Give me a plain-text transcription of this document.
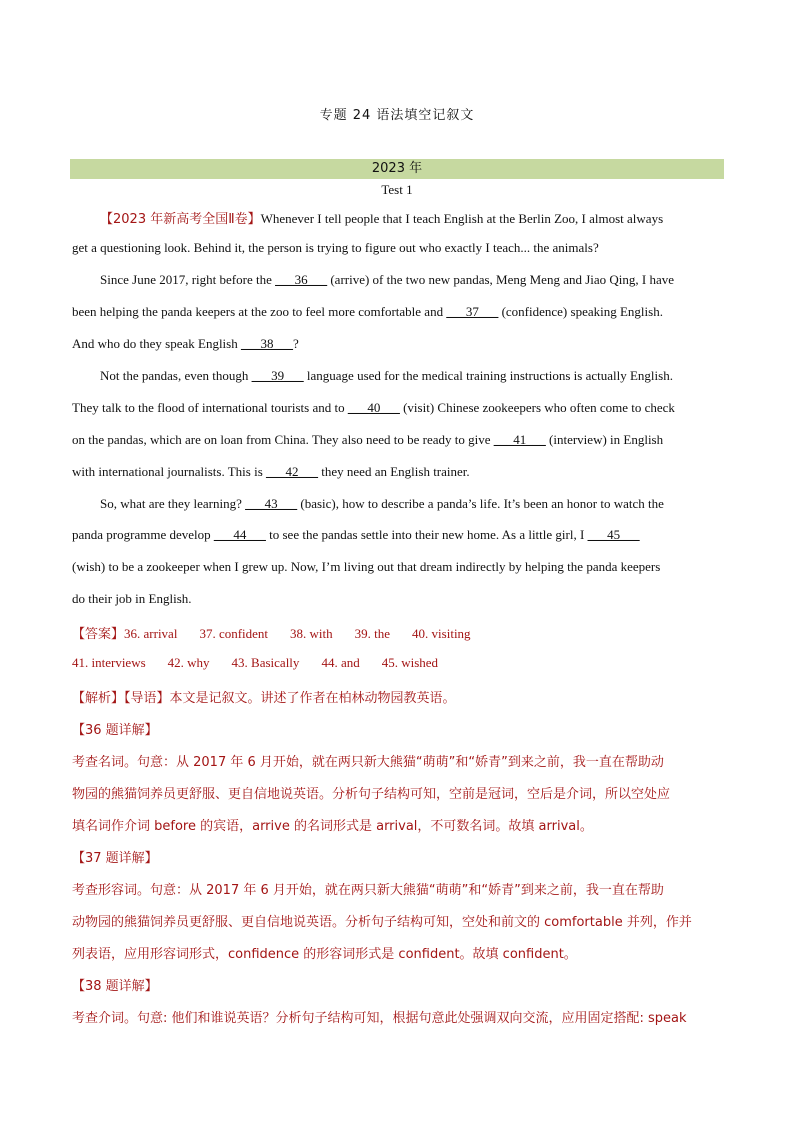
专题 24 语法填空记叙文
2023 年
Test 1
【2023 年新高考全国Ⅱ卷】Whenever I tell people that I teach English at the Berlin Zoo, I almost always
get a questioning look. Behind it, the person is trying to figure out who exactly I teach... the animals?
Since June 2017, right before the ___36___ (arrive) of the two new pandas, Meng Meng and Jiao Qing, I have
been helping the panda keepers at the zoo to feel more comfortable and ___37___ (confidence) speaking English.
And who do they speak English ___38___?
Not the pandas, even though ___39___ language used for the medical training instructions is actually English.
They talk to the flood of international tourists and to ___40___ (visit) Chinese zookeepers who often come to check
on the pandas, which are on loan from China. They also need to be ready to give ___41___ (interview) in English
with international journalists. This is ___42___ they need an English trainer.
So, what are they learning? ___43___ (basic), how to describe a panda’s life. It’s been an honor to watch the
panda programme develop ___44___ to see the pandas settle into their new home. As a little girl, I ___45___
(wish) to be a zookeeper when I grew up. Now, I’m living out that dream indirectly by helping the panda keepers
do their job in English.
【答案】36. arrival 37. confident 38. with 39. the 40. visiting
41. interviews 42. why 43. Basically 44. and 45. wished
【解析】【导语】本文是记叙文。讲述了作者在柏林动物园教英语。
【36 题详解】
考查名词。句意：从 2017 年 6 月开始，就在两只新大熊猫“萌萌”和“娇青”到来之前，我一直在帮助动
物园的熊猫饲养员更舒服、更自信地说英语。分析句子结构可知，空前是冠词，空后是介词，所以空处应
填名词作介词 before 的宾语，arrive 的名词形式是 arrival，不可数名词。故填 arrival。
【37 题详解】
考查形容词。句意：从 2017 年 6 月开始，就在两只新大熊猫“萌萌”和“娇青”到来之前，我一直在帮助
动物园的熊猫饲养员更舒服、更自信地说英语。分析句子结构可知，空处和前文的 comfortable 并列，作并
列表语，应用形容词形式，confidence 的形容词形式是 confident。故填 confident。
【38 题详解】
考查介词。句意: 他们和谁说英语？分析句子结构可知，根据句意此处强调双向交流，应用固定搭配: speak
